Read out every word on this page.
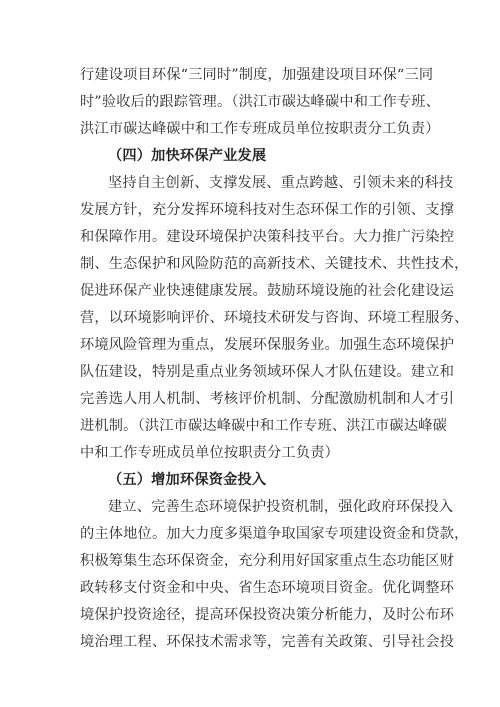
行建设项目环保“三同时”制度，加强建设项目环保“三同
时”验收后的跟踪管理。（洪江市碳达峰碳中和工作专班、
洪江市碳达峰碳中和工作专班成员单位按职责分工负责）
（四）加快环保产业发展
坚持自主创新、支撑发展、重点跨越、引领未来的科技
发展方针，充分发挥环境科技对生态环保工作的引领、支撑
和保障作用。建设环境保护决策科技平台。大力推广污染控
制、生态保护和风险防范的高新技术、关键技术、共性技术，
促进环保产业快速健康发展。鼓励环境设施的社会化建设运
营，以环境影响评价、环境技术研发与咨询、环境工程服务、
环境风险管理为重点，发展环保服务业。加强生态环境保护
队伍建设，特别是重点业务领域环保人才队伍建设。建立和
完善选人用人机制、考核评价机制、分配激励机制和人才引
进机制。（洪江市碳达峰碳中和工作专班、洪江市碳达峰碳
中和工作专班成员单位按职责分工负责）
（五）增加环保资金投入
建立、完善生态环境保护投资机制，强化政府环保投入
的主体地位。加大力度多渠道争取国家专项建设资金和贷款，
积极筹集生态环保资金，充分利用好国家重点生态功能区财
政转移支付资金和中央、省生态环境项目资金。优化调整环
境保护投资途径，提高环保投资决策分析能力，及时公布环
境治理工程、环保技术需求等，完善有关政策、引导社会投
